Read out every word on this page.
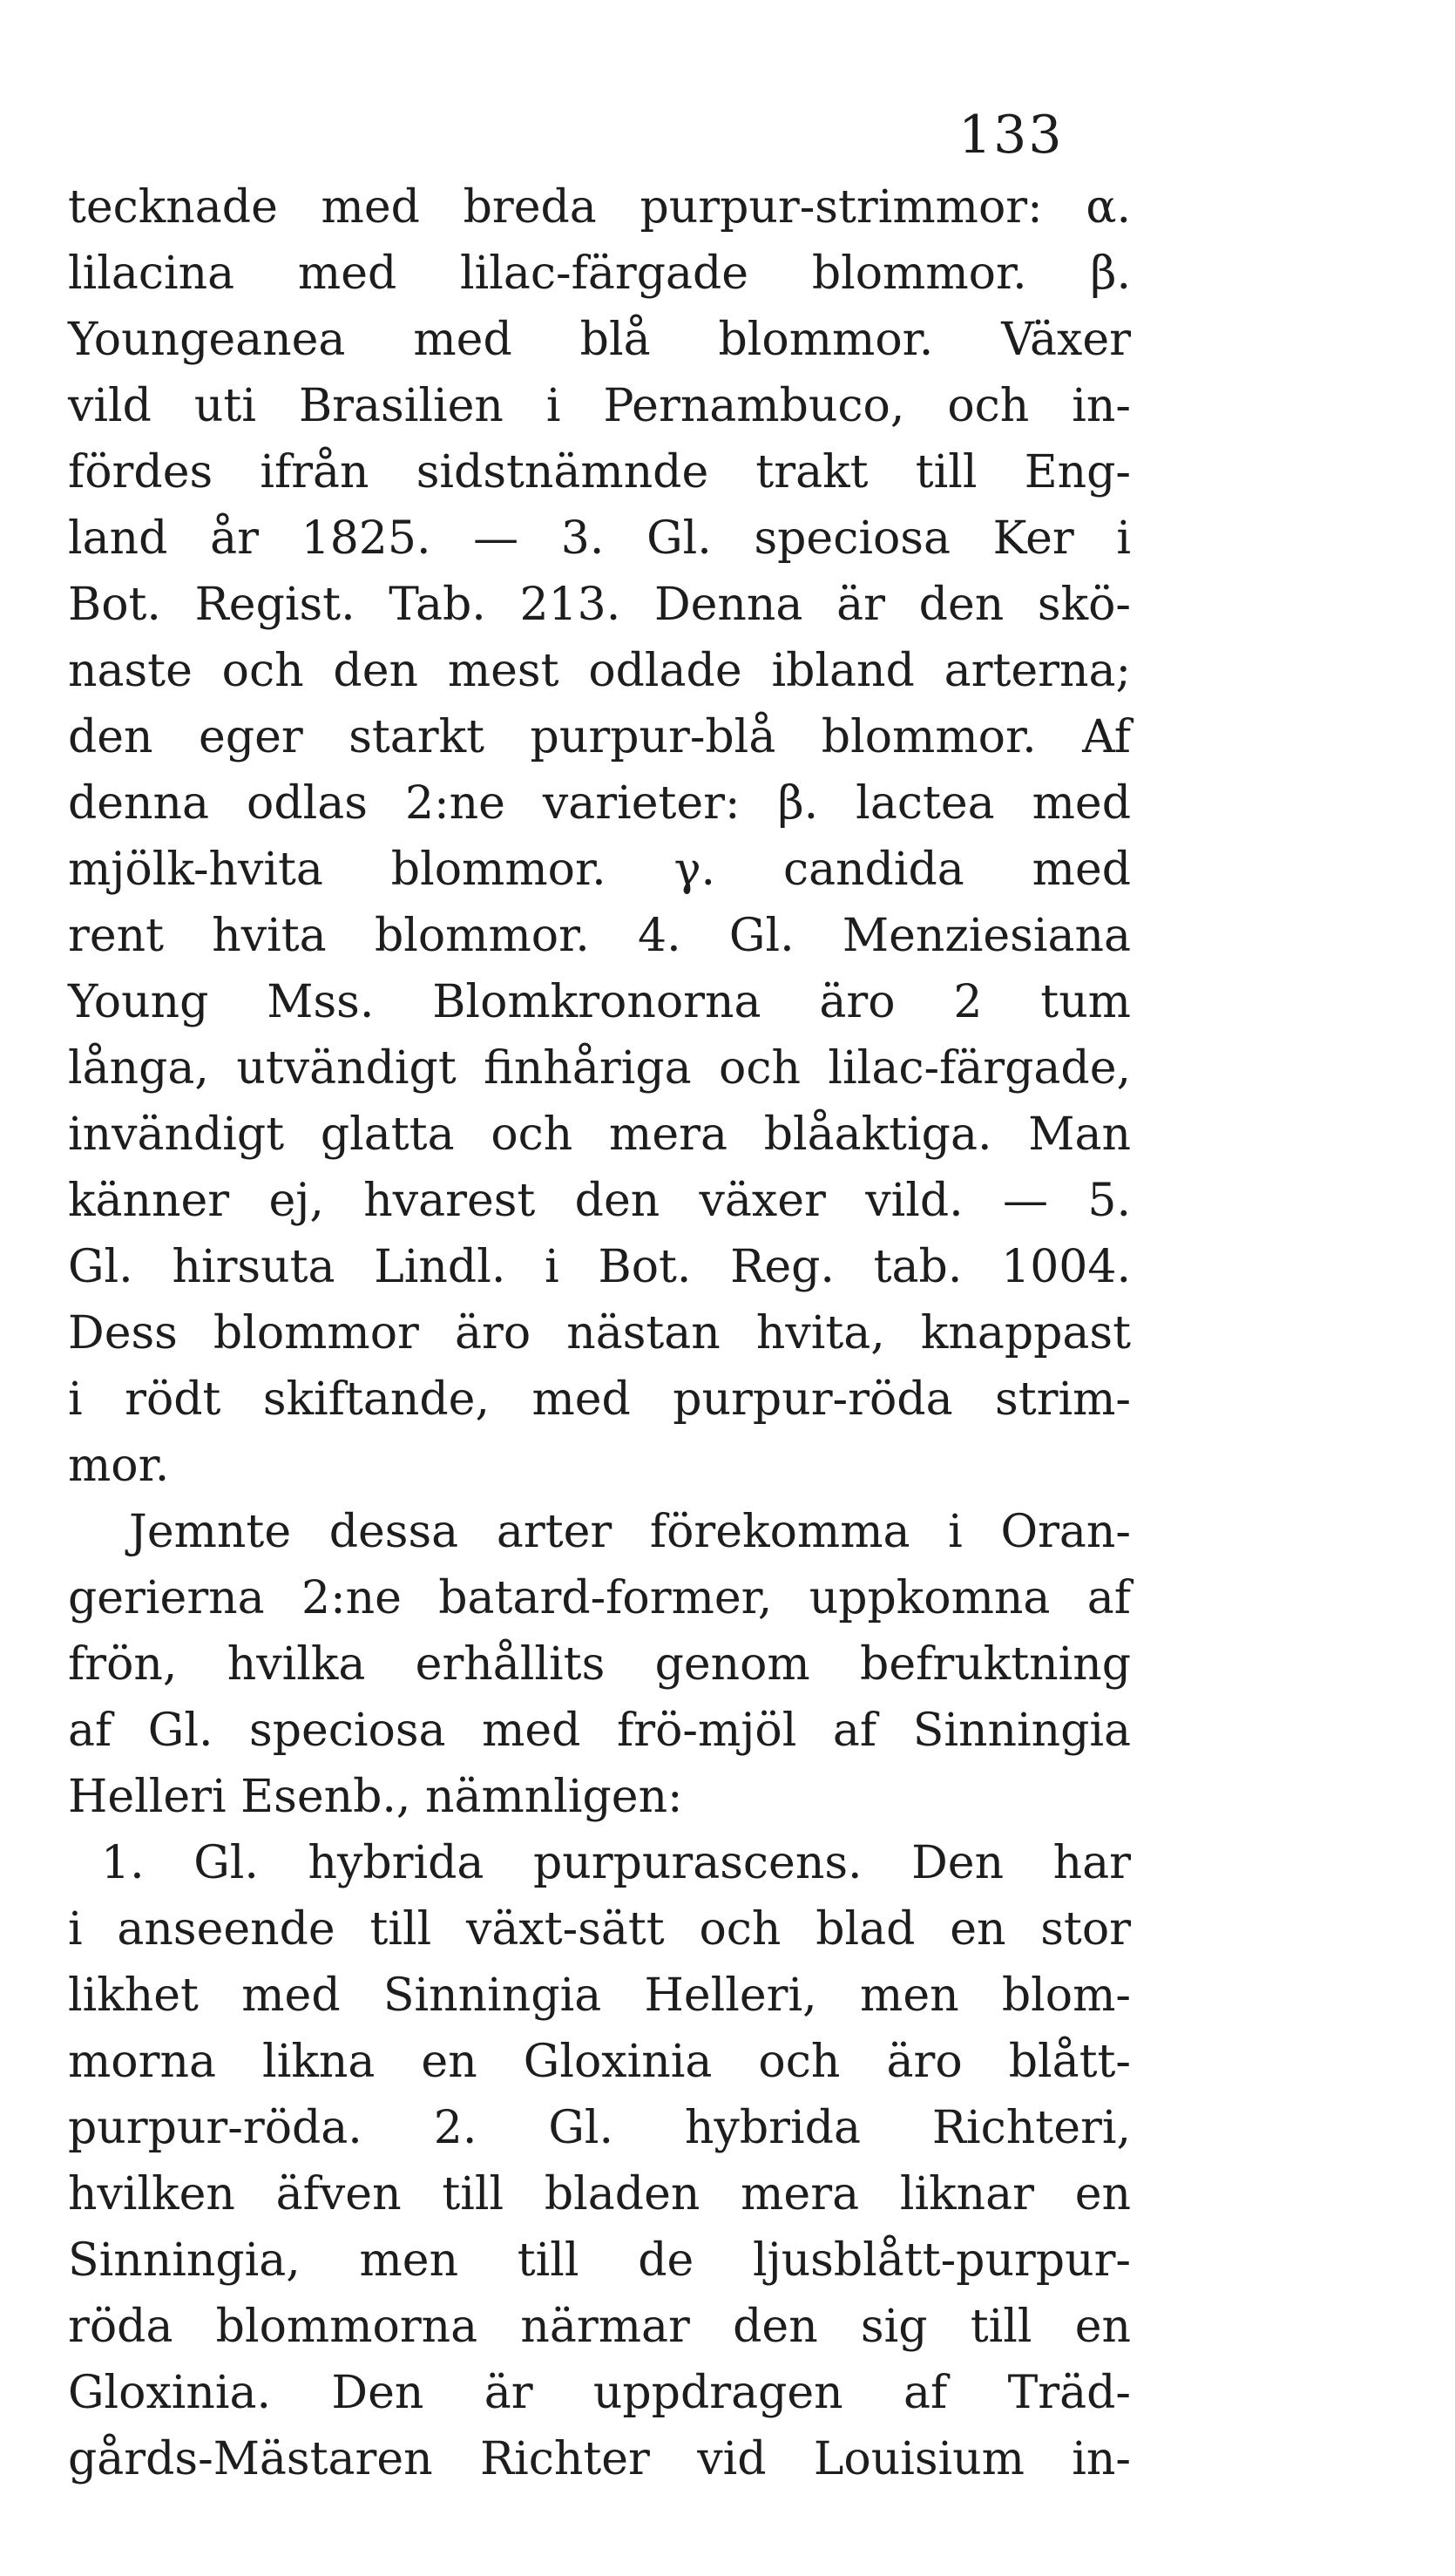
133
tecknade med breda purpur-strimmor: α.
lilacina med lilac-färgade blommor. β.
Youngeanea med blå blommor. Växer
vild uti Brasilien i Pernambuco, och in-
fördes ifrån sidstnämnde trakt till Eng-
land år 1825. — 3. Gl. speciosa Ker i
Bot. Regist. Tab. 213. Denna är den skö-
naste och den mest odlade ibland arterna;
den eger starkt purpur-blå blommor. Af
denna odlas 2:ne varieter: β. lactea med
mjölk-hvita blommor. γ. candida med
rent hvita blommor. 4. Gl. Menziesiana
Young Mss. Blomkronorna äro 2 tum
långa, utvändigt finhåriga och lilac-färgade,
invändigt glatta och mera blåaktiga. Man
känner ej, hvarest den växer vild. — 5.
Gl. hirsuta Lindl. i Bot. Reg. tab. 1004.
Dess blommor äro nästan hvita, knappast
i rödt skiftande, med purpur-röda strim-
mor.
Jemnte dessa arter förekomma i Oran-
gerierna 2:ne batard-former, uppkomna af
frön, hvilka erhållits genom befruktning
af Gl. speciosa med frö-mjöl af Sinningia
Helleri Esenb., nämnligen:
1. Gl. hybrida purpurascens. Den har
i anseende till växt-sätt och blad en stor
likhet med Sinningia Helleri, men blom-
morna likna en Gloxinia och äro blått-
purpur-röda. 2. Gl. hybrida Richteri,
hvilken äfven till bladen mera liknar en
Sinningia, men till de ljusblått-purpur-
röda blommorna närmar den sig till en
Gloxinia. Den är uppdragen af Träd-
gårds-Mästaren Richter vid Louisium in-
